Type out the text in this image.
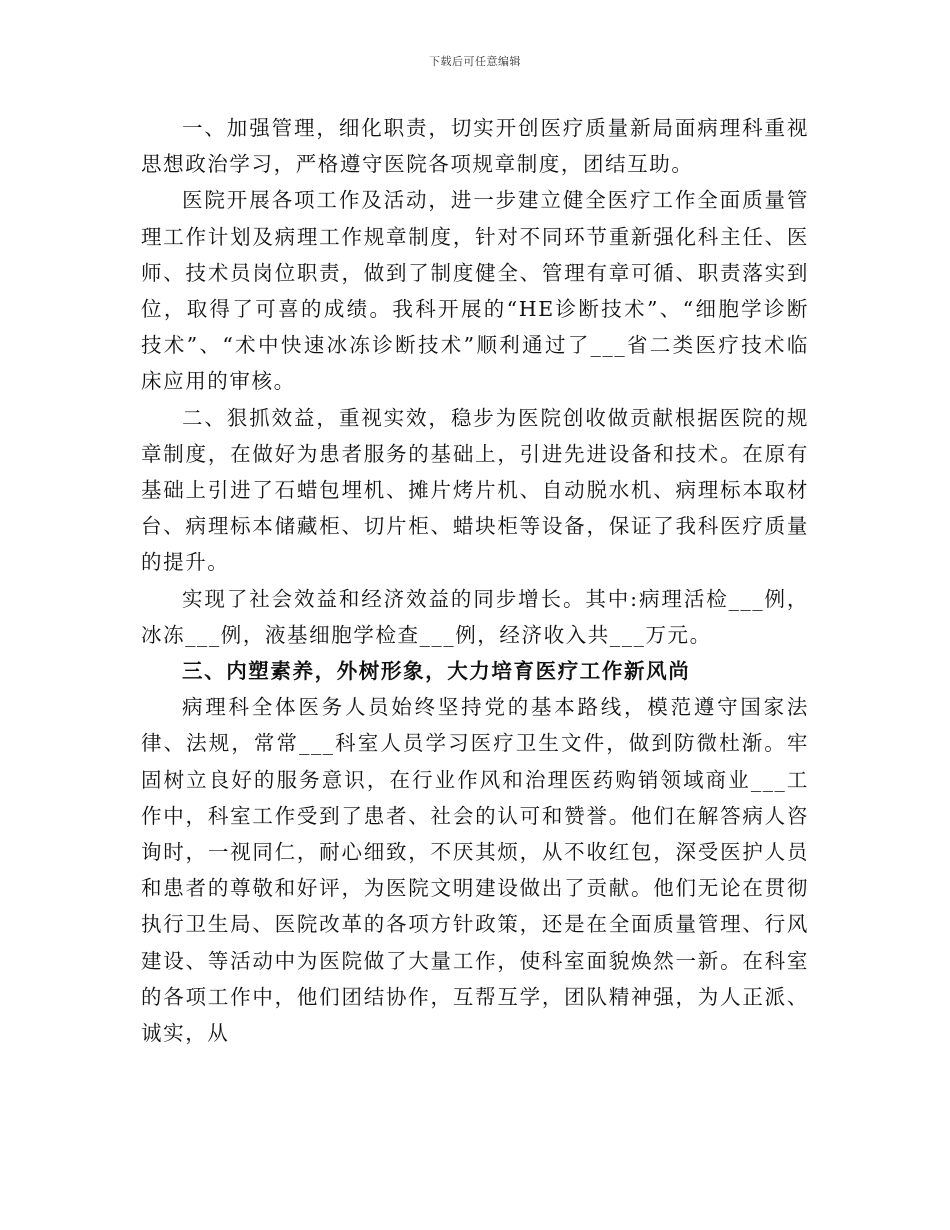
下载后可任意编辑

一、加强管理，细化职责，切实开创医疗质量新局面病理科重视思想政治学习，严格遵守医院各项规章制度，团结互助。

医院开展各项工作及活动，进一步建立健全医疗工作全面质量管理工作计划及病理工作规章制度，针对不同环节重新强化科主任、医师、技术员岗位职责，做到了制度健全、管理有章可循、职责落实到位，取得了可喜的成绩。我科开展的“HE诊断技术”、“细胞学诊断技术”、“术中快速冰冻诊断技术”顺利通过了___省二类医疗技术临床应用的审核。

二、狠抓效益，重视实效，稳步为医院创收做贡献根据医院的规章制度，在做好为患者服务的基础上，引进先进设备和技术。在原有基础上引进了石蜡包埋机、摊片烤片机、自动脱水机、病理标本取材台、病理标本储藏柜、切片柜、蜡块柜等设备，保证了我科医疗质量的提升。

实现了社会效益和经济效益的同步增长。其中:病理活检___例，冰冻___例，液基细胞学检查___例，经济收入共___万元。

三、内塑素养，外树形象，大力培育医疗工作新风尚

病理科全体医务人员始终坚持党的基本路线，模范遵守国家法律、法规，常常___科室人员学习医疗卫生文件，做到防微杜渐。牢固树立良好的服务意识，在行业作风和治理医药购销领域商业___工作中，科室工作受到了患者、社会的认可和赞誉。他们在解答病人咨询时，一视同仁，耐心细致，不厌其烦，从不收红包，深受医护人员和患者的尊敬和好评，为医院文明建设做出了贡献。他们无论在贯彻执行卫生局、医院改革的各项方针政策，还是在全面质量管理、行风建设、等活动中为医院做了大量工作，使科室面貌焕然一新。在科室的各项工作中，他们团结协作，互帮互学，团队精神强，为人正派、诚实，从
